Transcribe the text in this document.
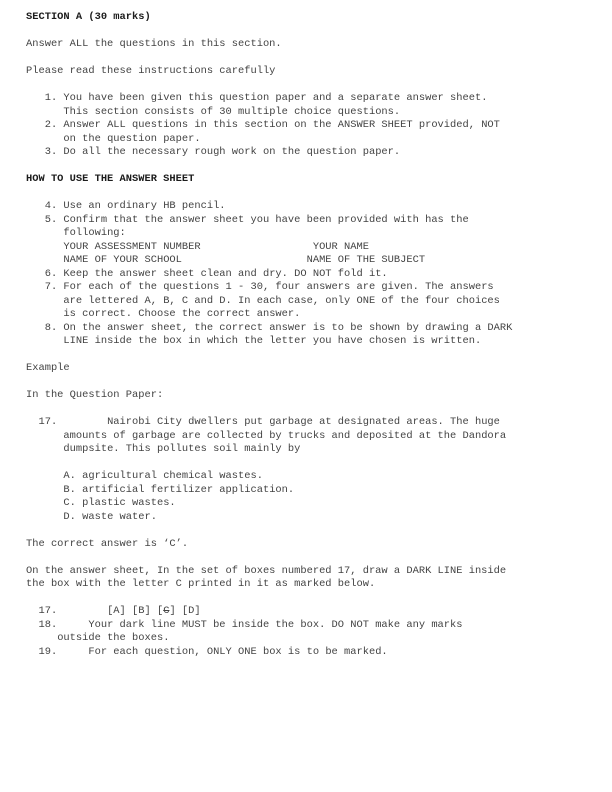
SECTION A (30 marks)
Answer ALL the questions in this section.
Please read these instructions carefully
1. You have been given this question paper and a separate answer sheet.
This section consists of 30 multiple choice questions.
2. Answer ALL questions in this section on the ANSWER SHEET provided, NOT
on the question paper.
3. Do all the necessary rough work on the question paper.
HOW TO USE THE ANSWER SHEET
4. Use an ordinary HB pencil.
5. Confirm that the answer sheet you have been provided with has the
following:
YOUR ASSESSMENT NUMBER                  YOUR NAME
NAME OF YOUR SCHOOL                    NAME OF THE SUBJECT
6. Keep the answer sheet clean and dry. DO NOT fold it.
7. For each of the questions 1 - 30, four answers are given. The answers
are lettered A, B, C and D. In each case, only ONE of the four choices
is correct. Choose the correct answer.
8. On the answer sheet, the correct answer is to be shown by drawing a DARK
LINE inside the box in which the letter you have chosen is written.
Example
In the Question Paper:
17.        Nairobi City dwellers put garbage at designated areas. The huge
amounts of garbage are collected by trucks and deposited at the Dandora
dumpsite. This pollutes soil mainly by
A. agricultural chemical wastes.
B. artificial fertilizer application.
C. plastic wastes.
D. waste water.
The correct answer is ‘C’.
On the answer sheet, In the set of boxes numbered 17, draw a DARK LINE inside
the box with the letter C printed in it as marked below.
17.        [A] [B] [C] [D]
18.     Your dark line MUST be inside the box. DO NOT make any marks
outside the boxes.
19.     For each question, ONLY ONE box is to be marked.
